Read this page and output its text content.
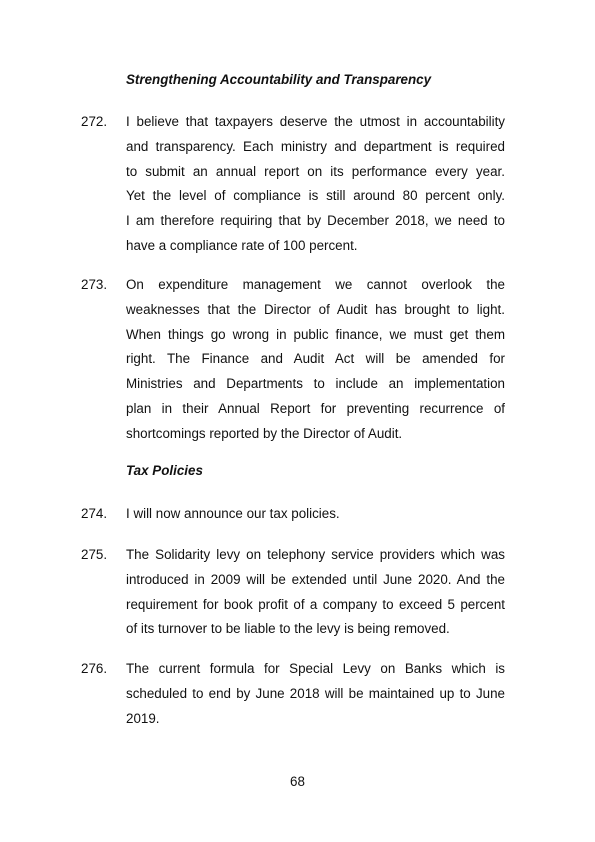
Strengthening Accountability and Transparency
272. I believe that taxpayers deserve the utmost in accountability
and transparency. Each ministry and department is required
to submit an annual report on its performance every year.
Yet the level of compliance is still around 80 percent only.
I am therefore requiring that by December 2018, we need to
have a compliance rate of 100 percent.
273. On expenditure management we cannot overlook the
weaknesses that the Director of Audit has brought to light.
When things go wrong in public finance, we must get them
right. The Finance and Audit Act will be amended for
Ministries and Departments to include an implementation
plan in their Annual Report for preventing recurrence of
shortcomings reported by the Director of Audit.
Tax Policies
274. I will now announce our tax policies.
275. The Solidarity levy on telephony service providers which was
introduced in 2009 will be extended until June 2020. And the
requirement for book profit of a company to exceed 5 percent
of its turnover to be liable to the levy is being removed.
276. The current formula for Special Levy on Banks which is
scheduled to end by June 2018 will be maintained up to June
2019.
68
